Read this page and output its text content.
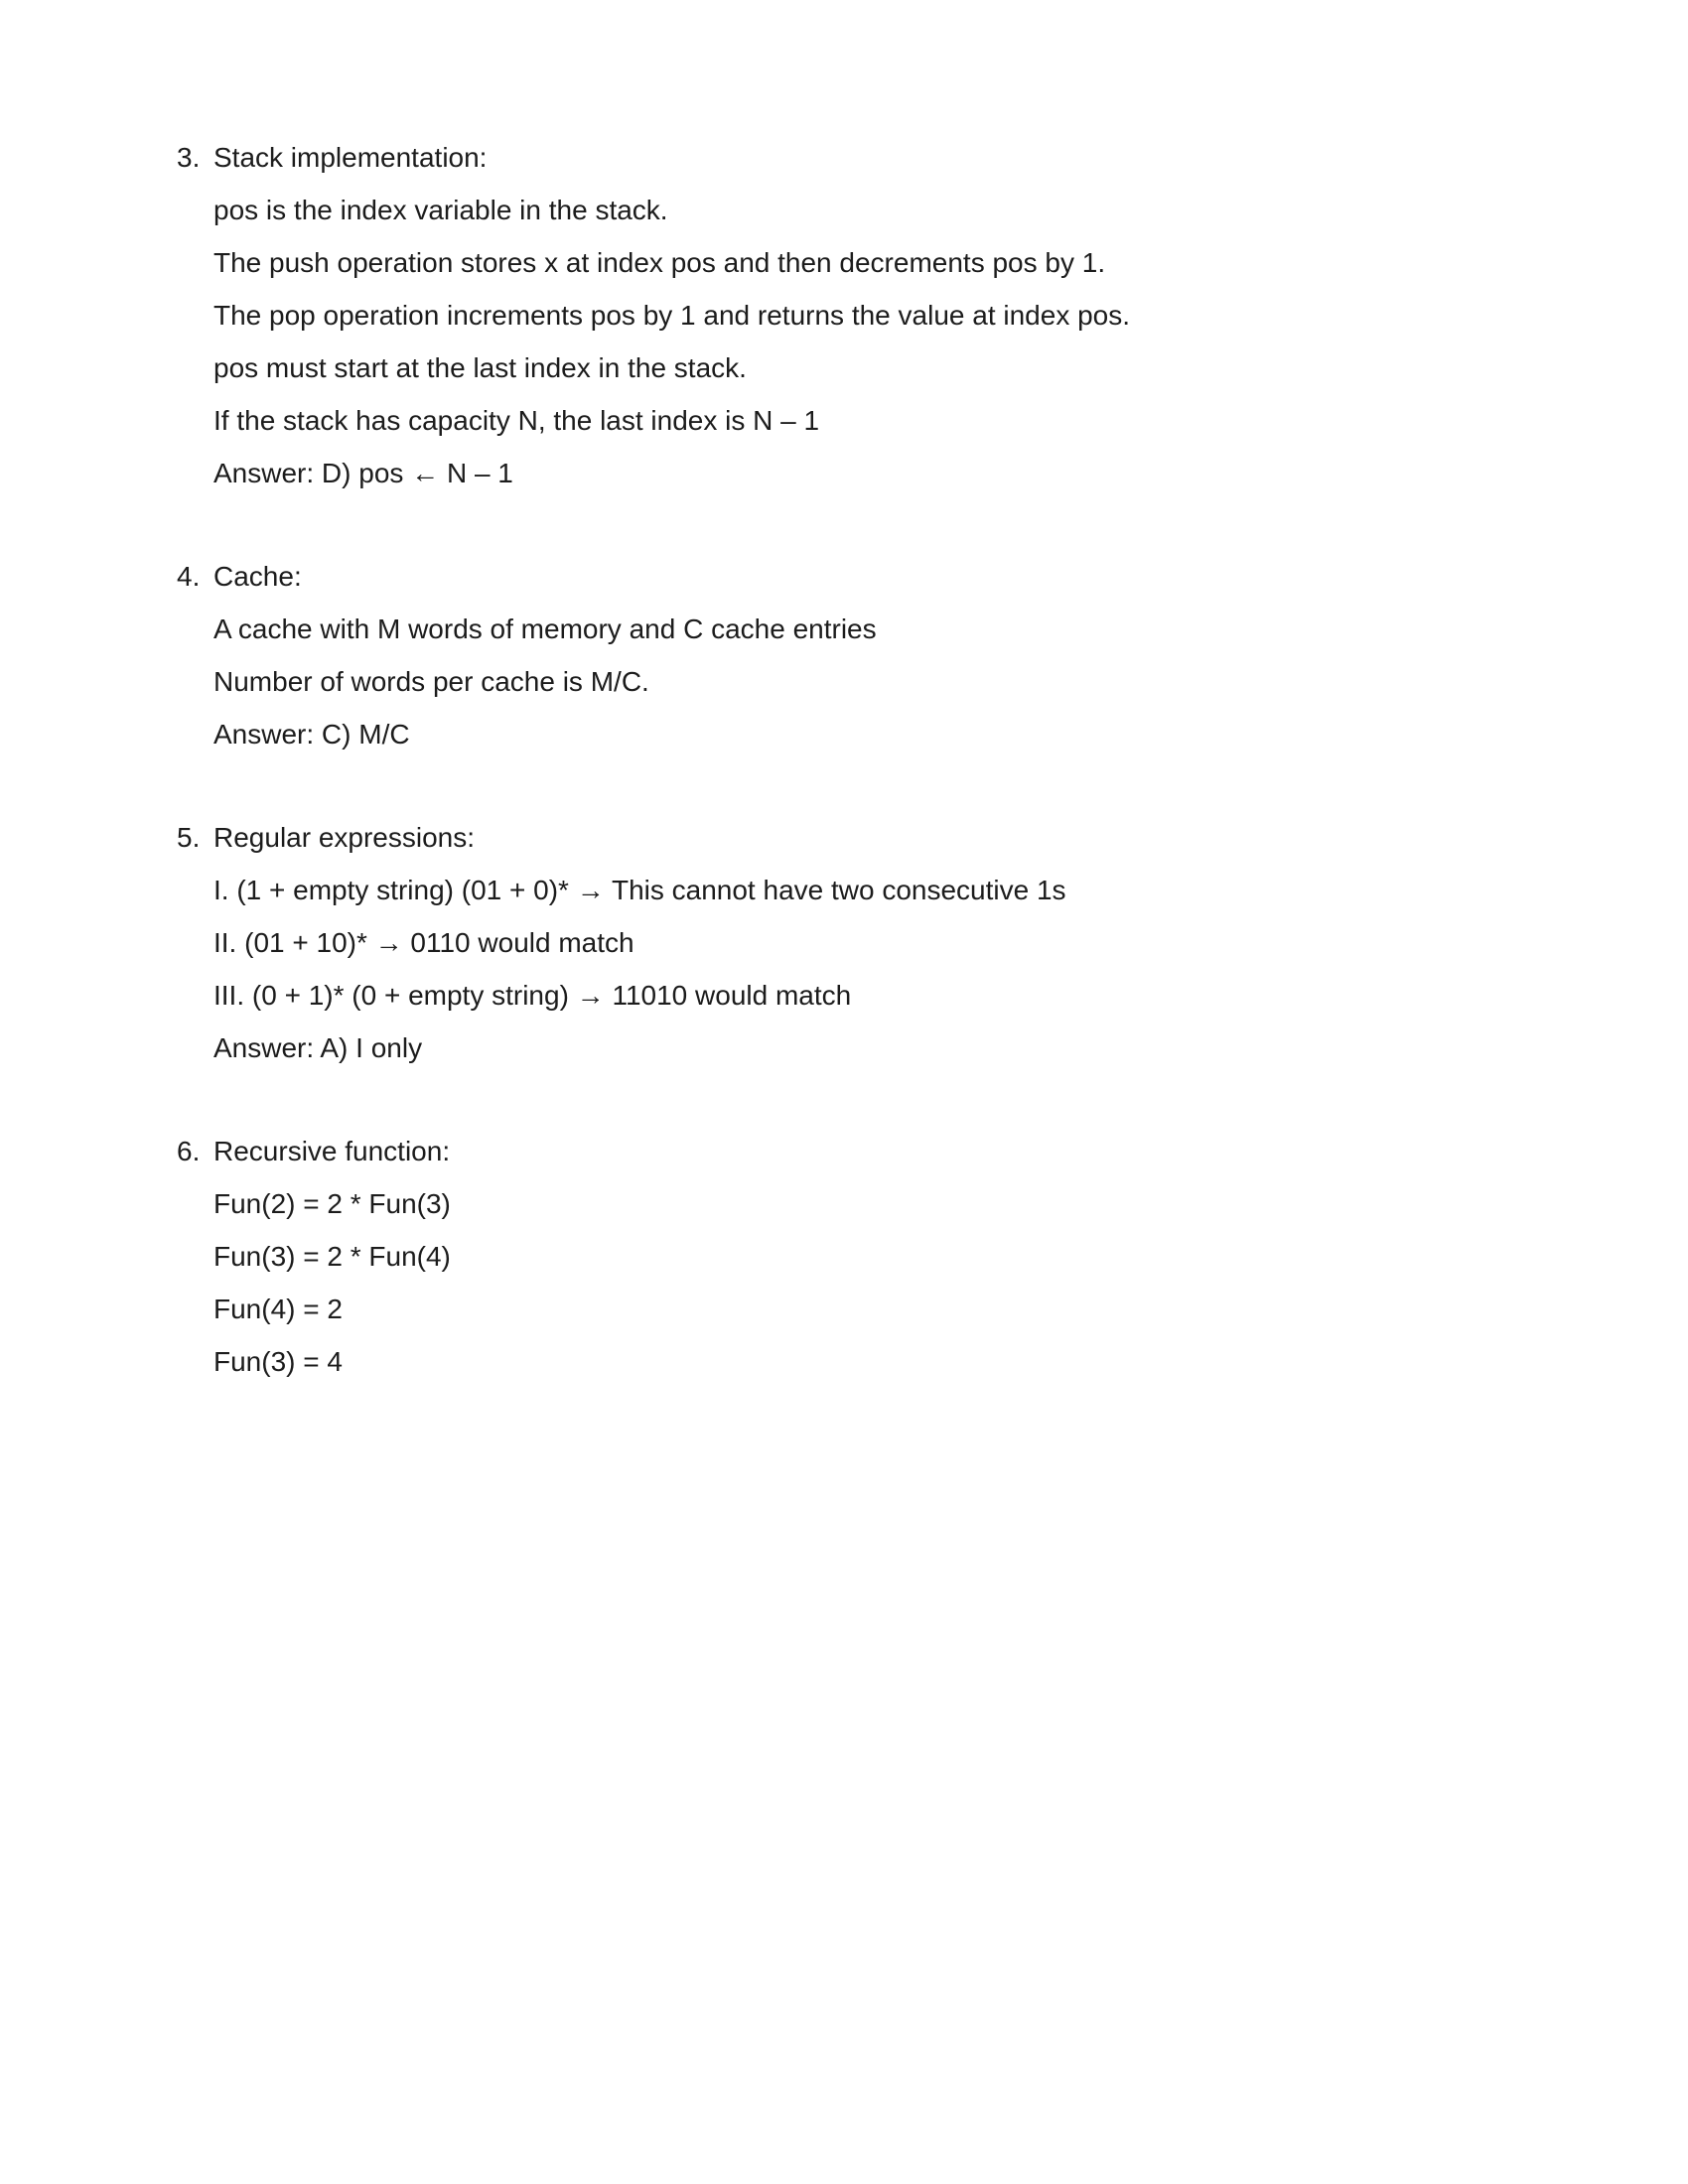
3. Stack implementation:
pos is the index variable in the stack.
The push operation stores x at index pos and then decrements pos by 1.
The pop operation increments pos by 1 and returns the value at index pos.
pos must start at the last index in the stack.
If the stack has capacity N, the last index is N – 1
Answer: D) pos ← N – 1
4. Cache:
A cache with M words of memory and C cache entries
Number of words per cache is M/C.
Answer: C) M/C
5. Regular expressions:
I. (1 + empty string) (01 + 0)* → This cannot have two consecutive 1s
II. (01 + 10)* → 0110 would match
III. (0 + 1)* (0 + empty string) → 11010 would match
Answer: A) I only
6. Recursive function:
Fun(2) = 2 * Fun(3)
Fun(3) = 2 * Fun(4)
Fun(4) = 2
Fun(3) = 4
